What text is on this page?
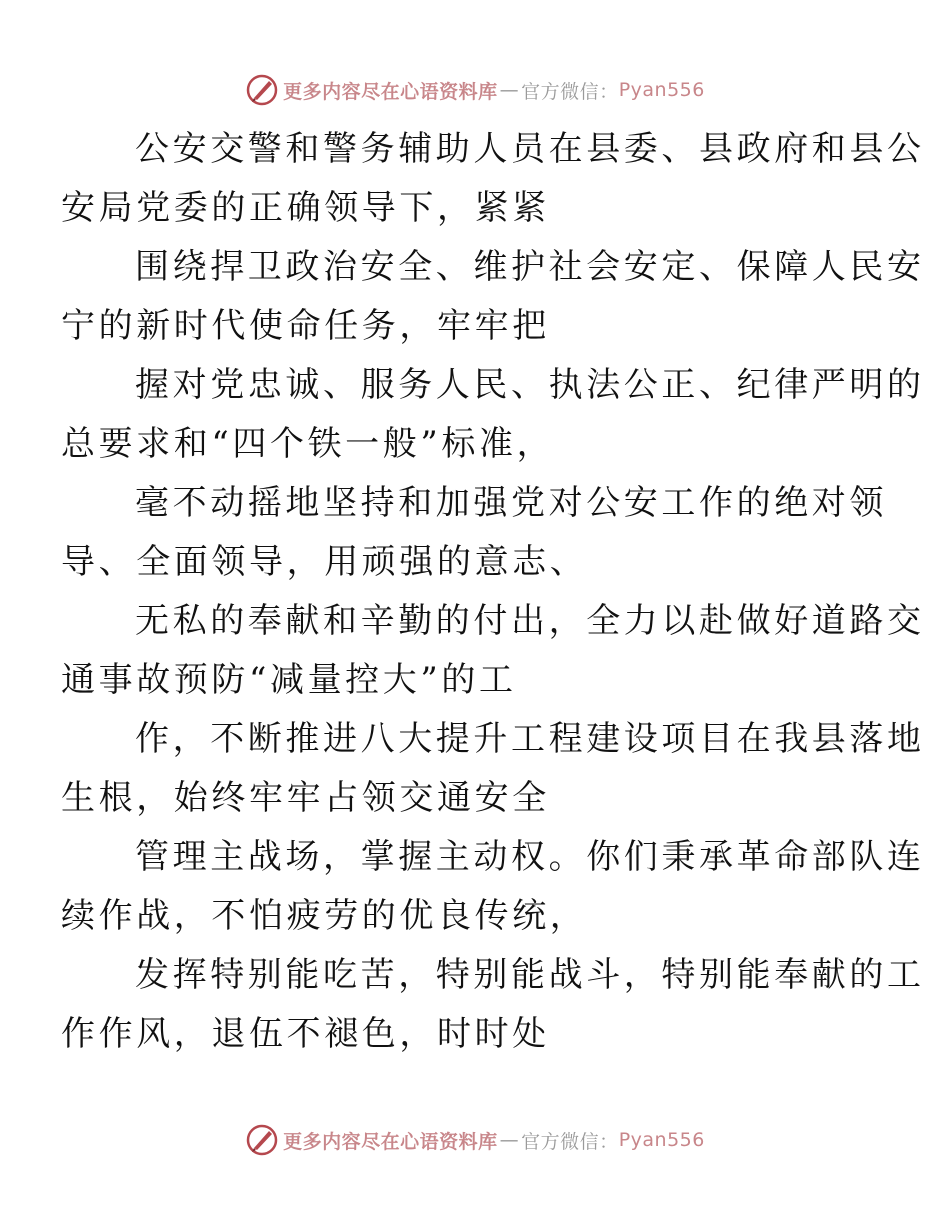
更多内容尽在心语资料库 — 官方微信： Pyan556

公安交警和警务辅助人员在县委、县政府和县公
安局党委的正确领导下，紧紧

围绕捍卫政治安全、维护社会安定、保障人民安
宁的新时代使命任务，牢牢把

握对党忠诚、服务人民、执法公正、纪律严明的
总要求和“四个铁一般”标准，

毫不动摇地坚持和加强党对公安工作的绝对领
导、全面领导，用顽强的意志、

无私的奉献和辛勤的付出，全力以赴做好道路交
通事故预防“减量控大”的工

作，不断推进八大提升工程建设项目在我县落地
生根，始终牢牢占领交通安全

管理主战场，掌握主动权。你们秉承革命部队连
续作战，不怕疲劳的优良传统，

发挥特别能吃苦，特别能战斗，特别能奉献的工
作作风，退伍不褪色，时时处

更多内容尽在心语资料库 — 官方微信： Pyan556
